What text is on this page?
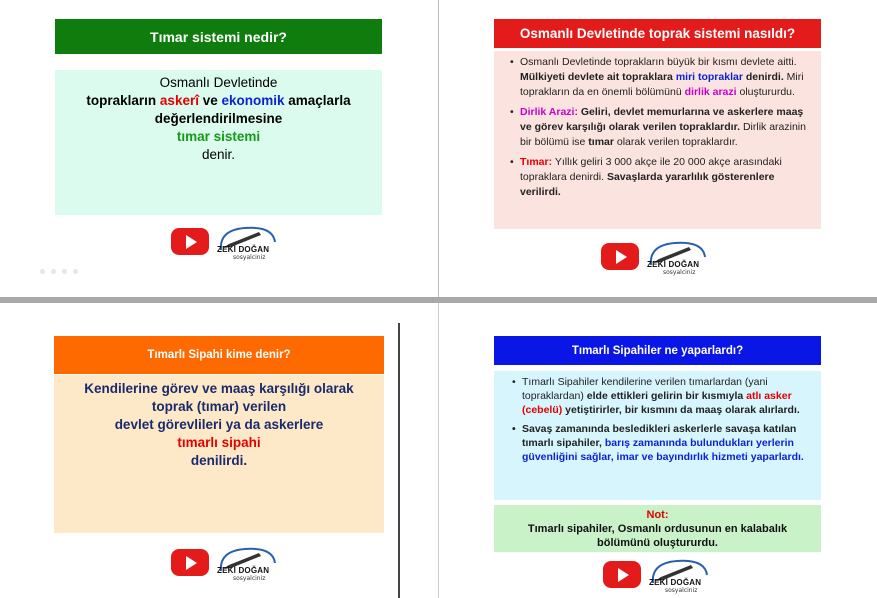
Tımar sistemi nedir?
Osmanlı Devletinde
toprakların askerî ve ekonomik amaçlarla
değerlendirilmesine
tımar sistemi
denir.
ZEKİ DOĞAN
sosyalciniz
Osmanlı Devletinde toprak sistemi nasıldı?
• Osmanlı Devletinde toprakların büyük bir kısmı devlete aitti. Mülkiyeti devlete ait topraklara miri topraklar denirdi. Miri toprakların da en önemli bölümünü dirlik arazi oluştururdu.
• Dirlik Arazi: Geliri, devlet memurlarına ve askerlere maaş ve görev karşılığı olarak verilen topraklardır. Dirlik arazinin bir bölümü ise tımar olarak verilen topraklardır.
• Tımar: Yıllık geliri 3 000 akçe ile 20 000 akçe arasındaki topraklara denirdi. Savaşlarda yararlılık gösterenlere verilirdi.
ZEKİ DOĞAN
sosyalciniz
Tımarlı Sipahi kime denir?
Kendilerine görev ve maaş karşılığı olarak
toprak (tımar) verilen
devlet görevlileri ya da askerlere
tımarlı sipahi
denilirdi.
ZEKİ DOĞAN
sosyalciniz
Tımarlı Sipahiler ne yaparlardı?
• Tımarlı Sipahiler kendilerine verilen tımarlardan (yani topraklardan) elde ettikleri gelirin bir kısmıyla atlı asker (cebelü) yetiştirirler, bir kısmını da maaş olarak alırlardı.
• Savaş zamanında besledikleri askerlerle savaşa katılan tımarlı sipahiler, barış zamanında bulundukları yerlerin güvenliğini sağlar, imar ve bayındırlık hizmeti yaparlardı.
Not:
Tımarlı sipahiler, Osmanlı ordusunun en kalabalık bölümünü oluştururdu.
ZEKİ DOĞAN
sosyalciniz
